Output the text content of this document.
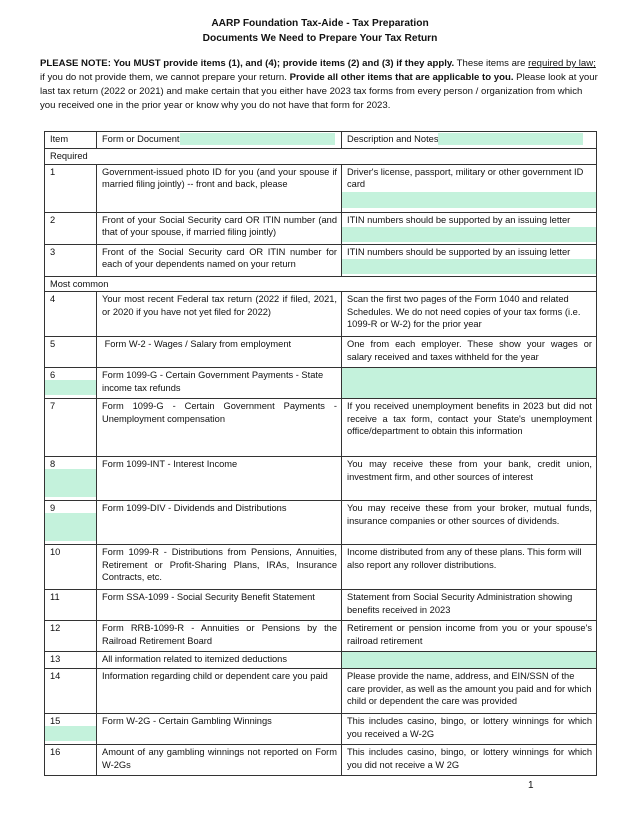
AARP Foundation Tax-Aide - Tax Preparation
Documents We Need to Prepare Your Tax Return

PLEASE NOTE: You MUST provide items (1), and (4); provide items (2) and (3) if they apply. These items are required by law; if you do not provide them, we cannot prepare your return. Provide all other items that are applicable to you. Please look at your last tax return (2022 or 2021) and make certain that you either have 2023 tax forms from every person / organization from which you received one in the prior year or know why you do not have that form for 2023.

Item	Form or Document	Description and Notes
Required		
1	Government-issued photo ID for you (and your spouse if married filing jointly) -- front and back, please	Driver's license, passport, military or other government ID card

2	Front of your Social Security card OR ITIN number (and that of your spouse, if married filing jointly)	ITIN numbers should be supported by an issuing letter

3	Front of the Social Security card OR ITIN number for each of your dependents named on your return	ITIN numbers should be supported by an issuing letter

Most common		
4	Your most recent Federal tax return (2022 if filed, 2021, or 2020 if you have not yet filed for 2022)	Scan the first two pages of the Form 1040 and related Schedules. We do not need copies of your tax forms (i.e. 1099-R or W-2) for the prior year
5	Form W-2 - Wages / Salary from employment	One from each employer. These show your wages or salary received and taxes withheld for the year

6	Form 1099-G - Certain Government Payments - State income tax refunds	
7	Form 1099-G - Certain Government Payments - Unemployment compensation	If you received unemployment benefits in 2023 but did not receive a tax form, contact your State's unemployment office/department to obtain this information

8	Form 1099-INT - Interest Income	You may receive these from your bank, credit union, investment firm, and other sources of interest

9	Form 1099-DIV - Dividends and Distributions	You may receive these from your broker, mutual funds, insurance companies or other sources of dividends.
10	Form 1099-R - Distributions from Pensions, Annuities, Retirement or Profit-Sharing Plans, IRAs, Insurance Contracts, etc.	Income distributed from any of these plans. This form will also report any rollover distributions.
11	Form SSA-1099 - Social Security Benefit Statement	Statement from Social Security Administration showing benefits received in 2023
12	Form RRB-1099-R - Annuities or Pensions by the Railroad Retirement Board	Retirement or pension income from you or your spouse's railroad retirement
13	All information related to itemized deductions	
14	Information regarding child or dependent care you paid	Please provide the name, address, and EIN/SSN of the care provider, as well as the amount you paid and for which child or dependent the care was provided

15	Form W-2G - Certain Gambling Winnings	This includes casino, bingo, or lottery winnings for which you received a W-2G
16	Amount of any gambling winnings not reported on Form W-2Gs	This includes casino, bingo, or lottery winnings for which you did not receive a W 2G
1
